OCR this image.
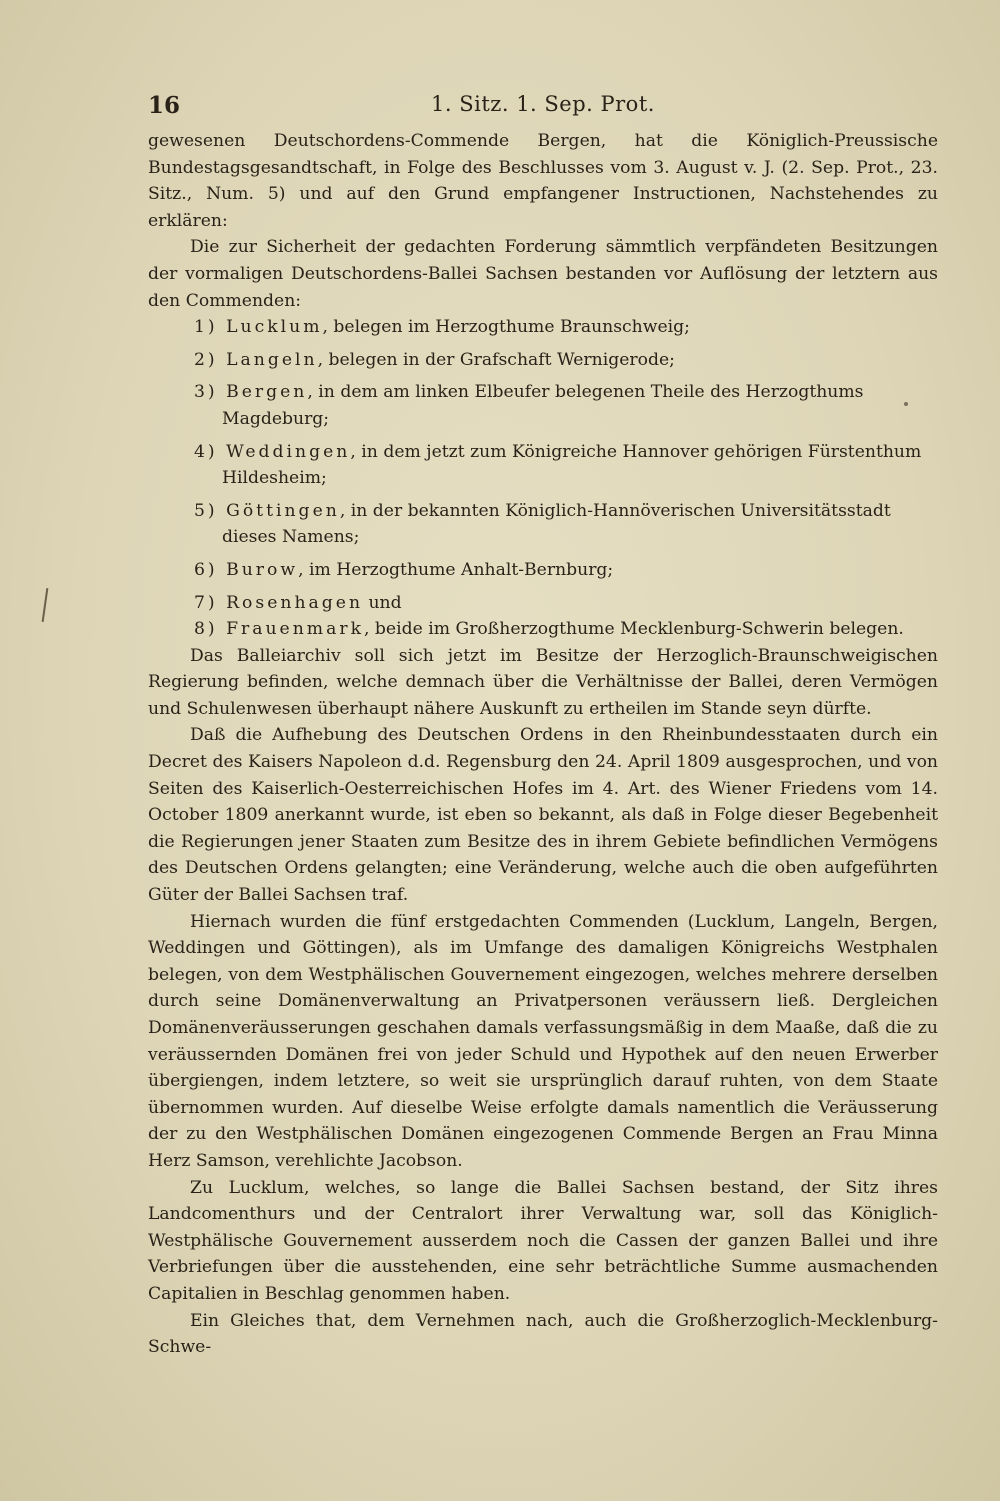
16	1. Sitz. 1. Sep. Prot.

gewesenen Deutschordens-Commende Bergen, hat die Königlich-Preussische Bundestagsgesandtschaft, in Folge des Beschlusses vom 3. August v. J. (2. Sep. Prot., 23. Sitz., Num. 5) und auf den Grund empfangener Instructionen, Nachstehendes zu erklären:

Die zur Sicherheit der gedachten Forderung sämmtlich verpfändeten Besitzungen der vormaligen Deutschordens-Ballei Sachsen bestanden vor Auflösung der letztern aus den Commenden:

1) Lucklum, belegen im Herzogthume Braunschweig;
2) Langeln, belegen in der Grafschaft Wernigerode;
3) Bergen, in dem am linken Elbeufer belegenen Theile des Herzogthums Magdeburg;
4) Weddingen, in dem jetzt zum Königreiche Hannover gehörigen Fürstenthum Hildesheim;
5) Göttingen, in der bekannten Königlich-Hannöverischen Universitätsstadt dieses Namens;
6) Burow, im Herzogthume Anhalt-Bernburg;
7) Rosenhagen und
8) Frauenmark, beide im Großherzogthume Mecklenburg-Schwerin belegen.

Das Balleiarchiv soll sich jetzt im Besitze der Herzoglich-Braunschweigischen Regierung befinden, welche demnach über die Verhältnisse der Ballei, deren Vermögen und Schulenwesen überhaupt nähere Auskunft zu ertheilen im Stande seyn dürfte.

Daß die Aufhebung des Deutschen Ordens in den Rheinbundesstaaten durch ein Decret des Kaisers Napoleon d.d. Regensburg den 24. April 1809 ausgesprochen, und von Seiten des Kaiserlich-Oesterreichischen Hofes im 4. Art. des Wiener Friedens vom 14. October 1809 anerkannt wurde, ist eben so bekannt, als daß in Folge dieser Begebenheit die Regierungen jener Staaten zum Besitze des in ihrem Gebiete befindlichen Vermögens des Deutschen Ordens gelangten; eine Veränderung, welche auch die oben aufgeführten Güter der Ballei Sachsen traf.

Hiernach wurden die fünf erstgedachten Commenden (Lucklum, Langeln, Bergen, Weddingen und Göttingen), als im Umfange des damaligen Königreichs Westphalen belegen, von dem Westphälischen Gouvernement eingezogen, welches mehrere derselben durch seine Domänenverwaltung an Privatpersonen veräussern ließ. Dergleichen Domänenveräusserungen geschahen damals verfassungsmäßig in dem Maaße, daß die zu veräussernden Domänen frei von jeder Schuld und Hypothek auf den neuen Erwerber übergiengen, indem letztere, so weit sie ursprünglich darauf ruhten, von dem Staate übernommen wurden. Auf dieselbe Weise erfolgte damals namentlich die Veräusserung der zu den Westphälischen Domänen eingezogenen Commende Bergen an Frau Minna Herz Samson, verehlichte Jacobson.

Zu Lucklum, welches, so lange die Ballei Sachsen bestand, der Sitz ihres Landcomenthurs und der Centralort ihrer Verwaltung war, soll das Königlich-Westphälische Gouvernement ausserdem noch die Cassen der ganzen Ballei und ihre Verbriefungen über die ausstehenden, eine sehr beträchtliche Summe ausmachenden Capitalien in Beschlag genommen haben.

Ein Gleiches that, dem Vernehmen nach, auch die Großherzoglich-Mecklenburg-Schwe-
